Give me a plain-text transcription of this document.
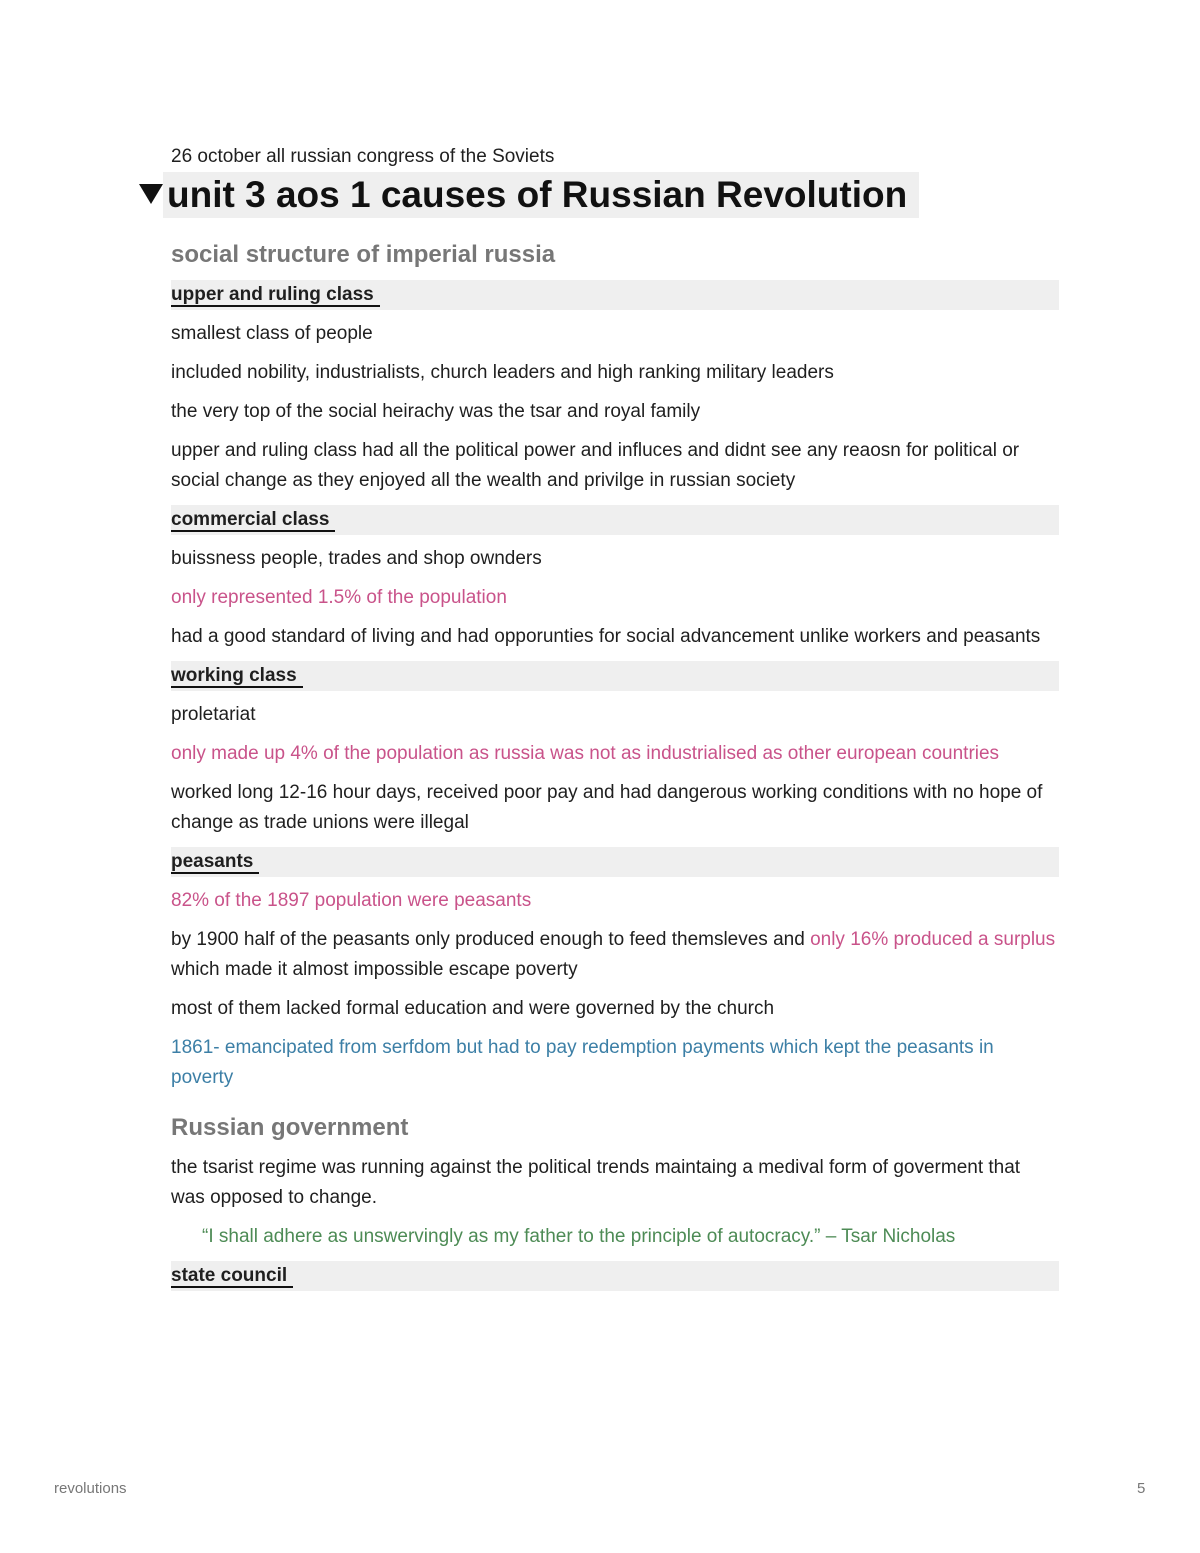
26 october all russian congress of the Soviets

unit 3 aos 1 causes of Russian Revolution
social structure of imperial russia
upper and ruling class

smallest class of people

included nobility, industrialists, church leaders and high ranking military leaders

the very top of the social heirachy was the tsar and royal family

upper and ruling class had all the political power and influces and didnt see any reaosn for political or social change as they enjoyed all the wealth and privilge in russian society

commercial class

buissness people, trades and shop ownders

only represented 1.5% of the population

had a good standard of living and had opporunties for social advancement unlike workers and peasants

working class

proletariat

only made up 4% of the population as russia was not as industrialised as other european countries

worked long 12-16 hour days, received poor pay and had dangerous working conditions with no hope of change as trade unions were illegal

peasants

82% of the 1897 population were peasants

by 1900 half of the peasants only produced enough to feed themsleves and only 16% produced a surplus which made it almost impossible escape poverty

most of them lacked formal education and were governed by the church

1861- emancipated from serfdom but had to pay redemption payments which kept the peasants in poverty

Russian government

the tsarist regime was running against the political trends maintaing a medival form of goverment that was opposed to change.

“I shall adhere as unswervingly as my father to the principle of autocracy.” – Tsar Nicholas

state council
revolutions	5
